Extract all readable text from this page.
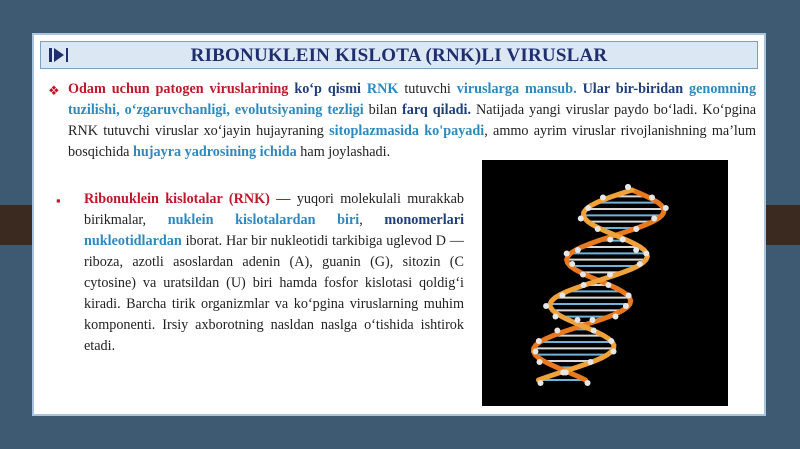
RIBONUKLEIN KISLOTA (RNK)LI VIRUSLAR
❖ Odam uchun patogen viruslarining ko‘p qismi RNK tutuvchi viruslarga mansub. Ular bir-biridan genomning tuzilishi, o‘zgaruvchanligi, evolutsiyaning tezligi bilan farq qiladi. Natijada yangi viruslar paydo bo‘ladi. Ko‘pgina RNK tutuvchi viruslar xo‘jayin hujayraning sitoplazmasida ko'payadi, ammo ayrim viruslar rivojlanishning ma’lum bosqichida hujayra yadrosining ichida ham joylashadi.
▪ Ribonuklein kislotalar (RNK) — yuqori molekulali murakkab birikmalar, nuklein kislotalardan biri, monomerlari nukleotidlardan iborat. Har bir nukleotidi tarkibiga uglevod D — riboza, azotli asoslardan adenin (A), guanin (G), sitozin (C cytosine) va uratsildan (U) biri hamda fosfor kislotasi qoldig‘i kiradi. Barcha tirik organizmlar va ko‘pgina viruslarning muhim komponenti. Irsiy axborotning nasldan naslga o‘tishida ishtirok etadi.
